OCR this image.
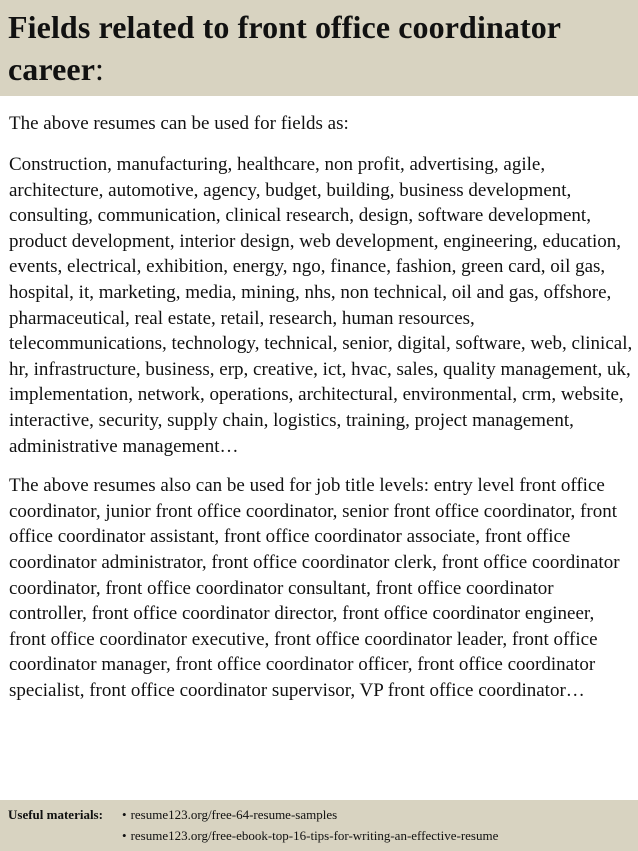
Fields related to front office coordinator career:

The above resumes can be used for fields as:

Construction, manufacturing, healthcare, non profit, advertising, agile, architecture, automotive, agency, budget, building, business development, consulting, communication, clinical research, design, software development, product development, interior design, web development, engineering, education, events, electrical, exhibition, energy, ngo, finance, fashion, green card, oil gas, hospital, it, marketing, media, mining, nhs, non technical, oil and gas, offshore, pharmaceutical, real estate, retail, research, human resources, telecommunications, technology, technical, senior, digital, software, web, clinical, hr, infrastructure, business, erp, creative, ict, hvac, sales, quality management, uk, implementation, network, operations, architectural, environmental, crm, website, interactive, security, supply chain, logistics, training, project management, administrative management…

The above resumes also can be used for job title levels: entry level front office coordinator, junior front office coordinator, senior front office coordinator, front office coordinator assistant, front office coordinator associate, front office coordinator administrator, front office coordinator clerk, front office coordinator coordinator, front office coordinator consultant, front office coordinator controller, front office coordinator director, front office coordinator engineer, front office coordinator executive, front office coordinator leader, front office coordinator manager, front office coordinator officer, front office coordinator specialist, front office coordinator supervisor, VP front office coordinator…

Useful materials:	• resume123.org/free-64-resume-samples
• resume123.org/free-ebook-top-16-tips-for-writing-an-effective-resume
